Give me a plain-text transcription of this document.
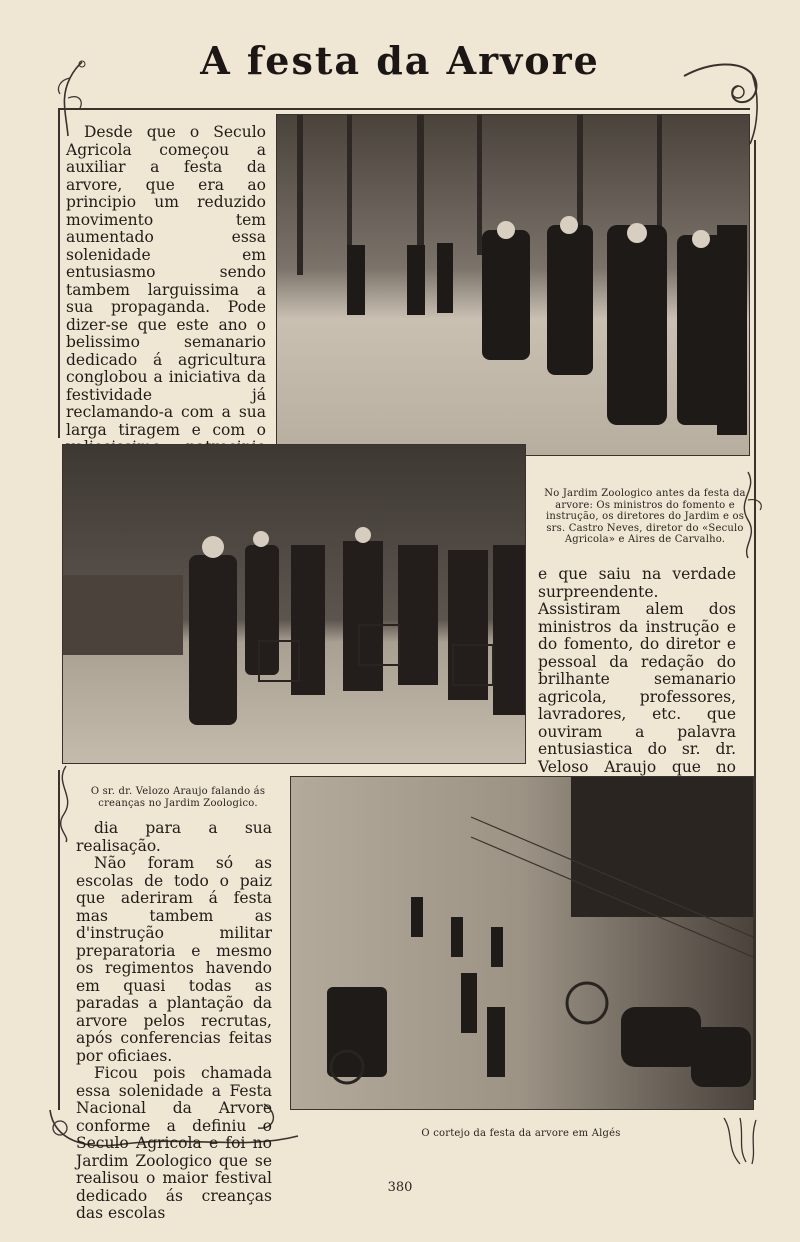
A festa da Arvore

Desde que o Seculo Agricola começou a auxiliar a festa da arvore, que era ao principio um reduzido movimento tem aumentado essa solenidade em entusiasmo sendo tambem larguissima a sua propaganda. Pode dizer-se que este ano o belissimo semanario dedicado á agricultura conglobou a iniciativa da festividade já reclamando-a com a sua larga tiragem e com o

No Jardim Zoologico antes da festa da arvore: Os ministros do fomento e instrução, os diretores do Jardim e os srs. Castro Neves, diretor do «Seculo Agricola» e Aires de Carvalho.

e que saiu na verdade surpreendente. Assistiram alem dos ministros da instrução e do fomento, do diretor e pessoal da redação do brilhante semanario agricola, professores, lavradores, etc. que ouviram a palavra entusiastica do sr. dr. Veloso Araujo que no

O sr. dr. Velozo Araujo falando ás creanças no Jardim Zoologico.

dia para a sua realisação.

Não foram só as escolas de todo o paiz que aderiram á festa mas tambem as d'instrução militar preparatoria e mesmo os regimentos havendo em quasi todas as paradas a plantação da arvore pelos recrutas, após conferencias feitas por oficiaes.

Ficou pois chamada essa solenidade a Festa Nacional da Arvore conforme a definiu o Seculo Agricola e foi no Jardim Zoologico que se realisou o maior festival dedicado ás creanças das escolas

O cortejo da festa da arvore em Algés
380
